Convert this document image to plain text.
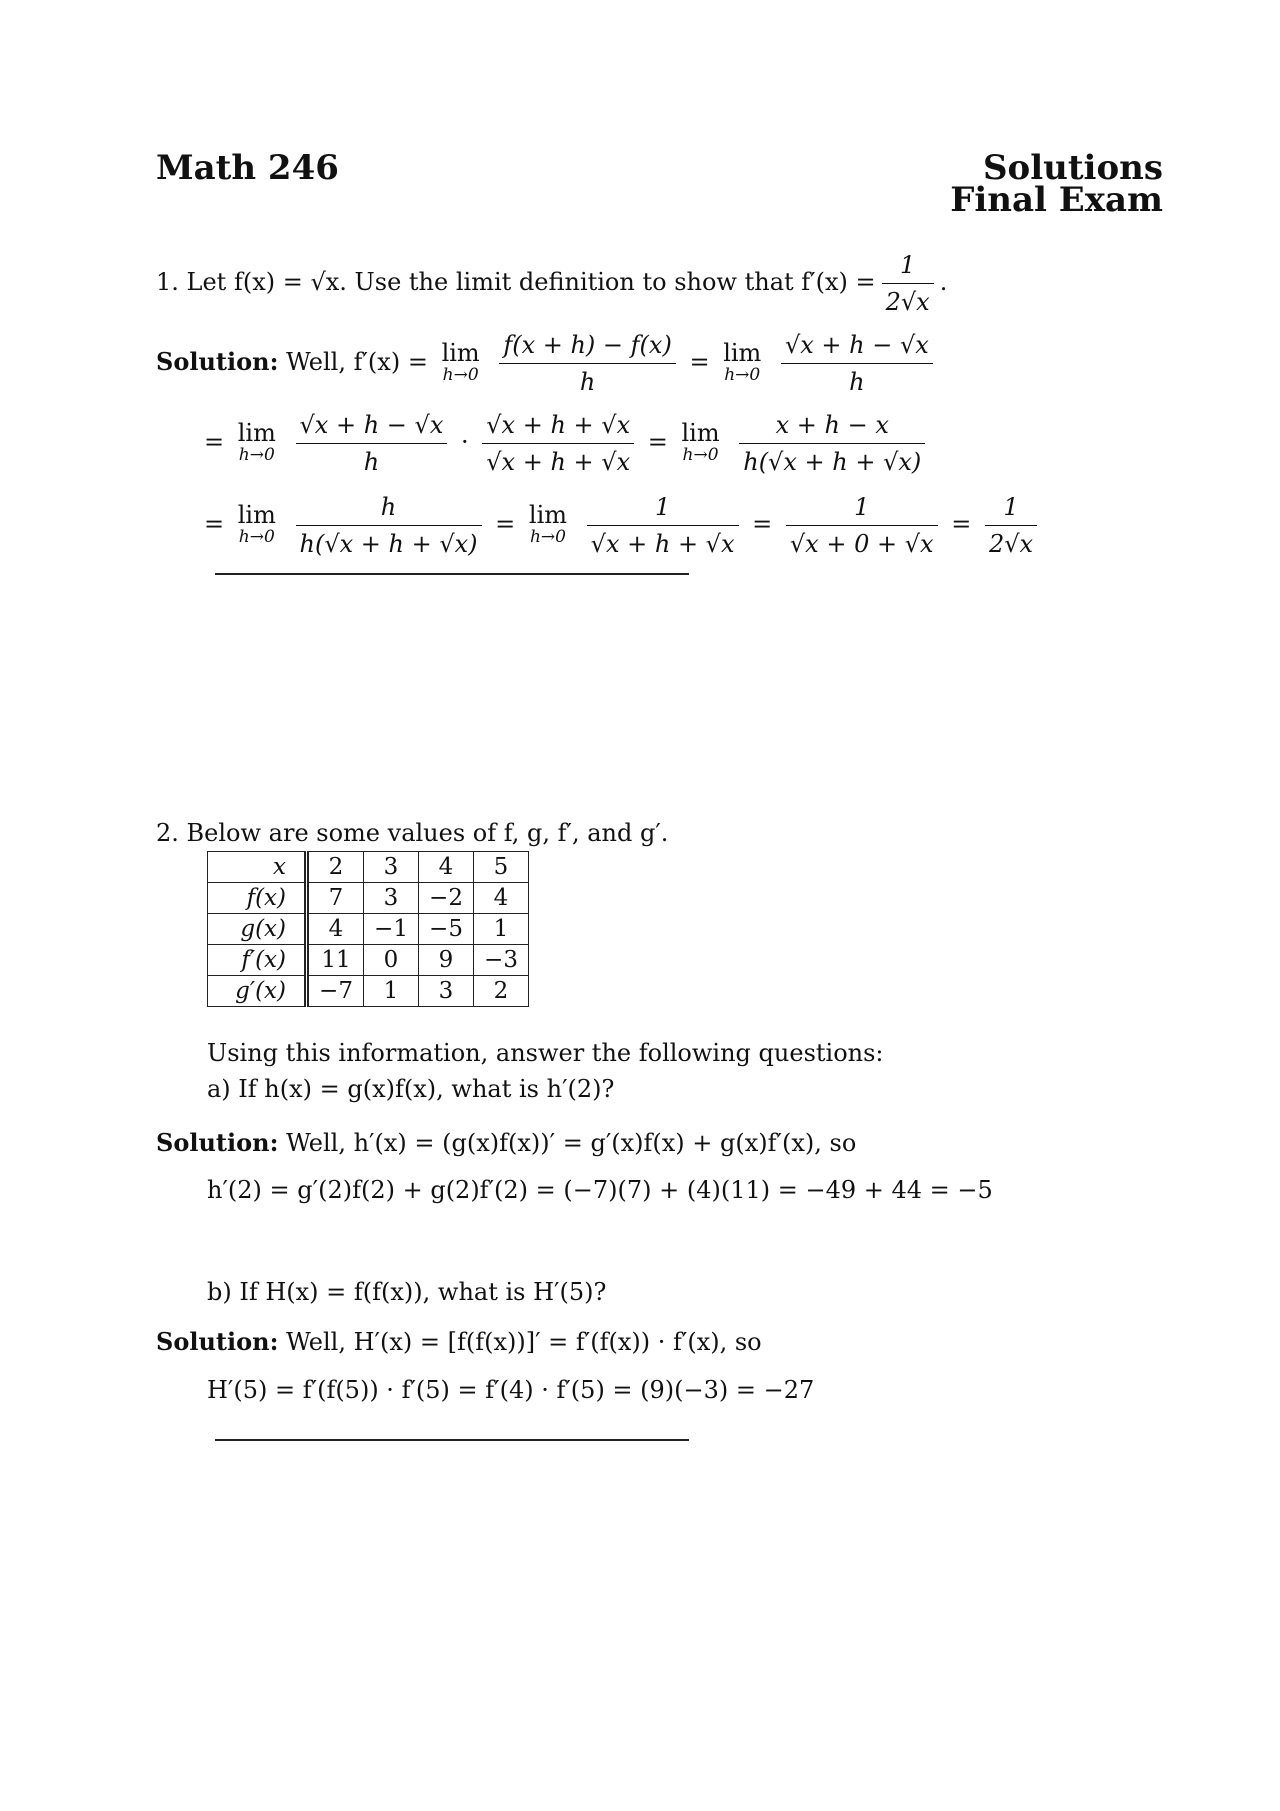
Math 246	Solutions
Final Exam
1. Let f(x) = √x. Use the limit definition to show that $f'(x) = \frac{1}{2√x}$ .
Solution: Well, f′(x) = lim
h→0
$\frac{f(x + h) - f(x)}{h} = \lim$
h→0
$\frac{√x + h - √x}{h}$
= lim
h→0
$\frac{√x + h - √x}{h} \cdot \frac{√x + h + √x}{√x + h + √x} = \lim$
h→0
$\frac{x + h - x}{h(√x + h + √x)}$
= lim
h→0
$\frac{h}{h(√x + h + √x)} = \lim$
h→0
$\frac{1}{√x + h + √x} = \frac{1}{√x + 0 + √x} = \frac{1}{2√x}$
2. Below are some values of f, g, f′, and g′.
x	2	3	4	5
f(x)	7	3	−2	4
g(x)	4	−1	−5	1
f′(x)	11	0	9	−3
g′(x)	−7	1	3	2
Using this information, answer the following questions:
a) If h(x) = g(x)f(x), what is h′(2)?
Solution: Well, h′(x) = (g(x)f(x))′ = g′(x)f(x) + g(x)f′(x), so
h′(2) = g′(2)f(2) + g(2)f′(2) = (−7)(7) + (4)(11) = −49 + 44 = −5
b) If H(x) = f(f(x)), what is H′(5)?
Solution: Well, H′(x) = [f(f(x))]′ = f′(f(x)) · f′(x), so
H′(5) = f′(f(5)) · f′(5) = f′(4) · f′(5) = (9)(−3) = −27
